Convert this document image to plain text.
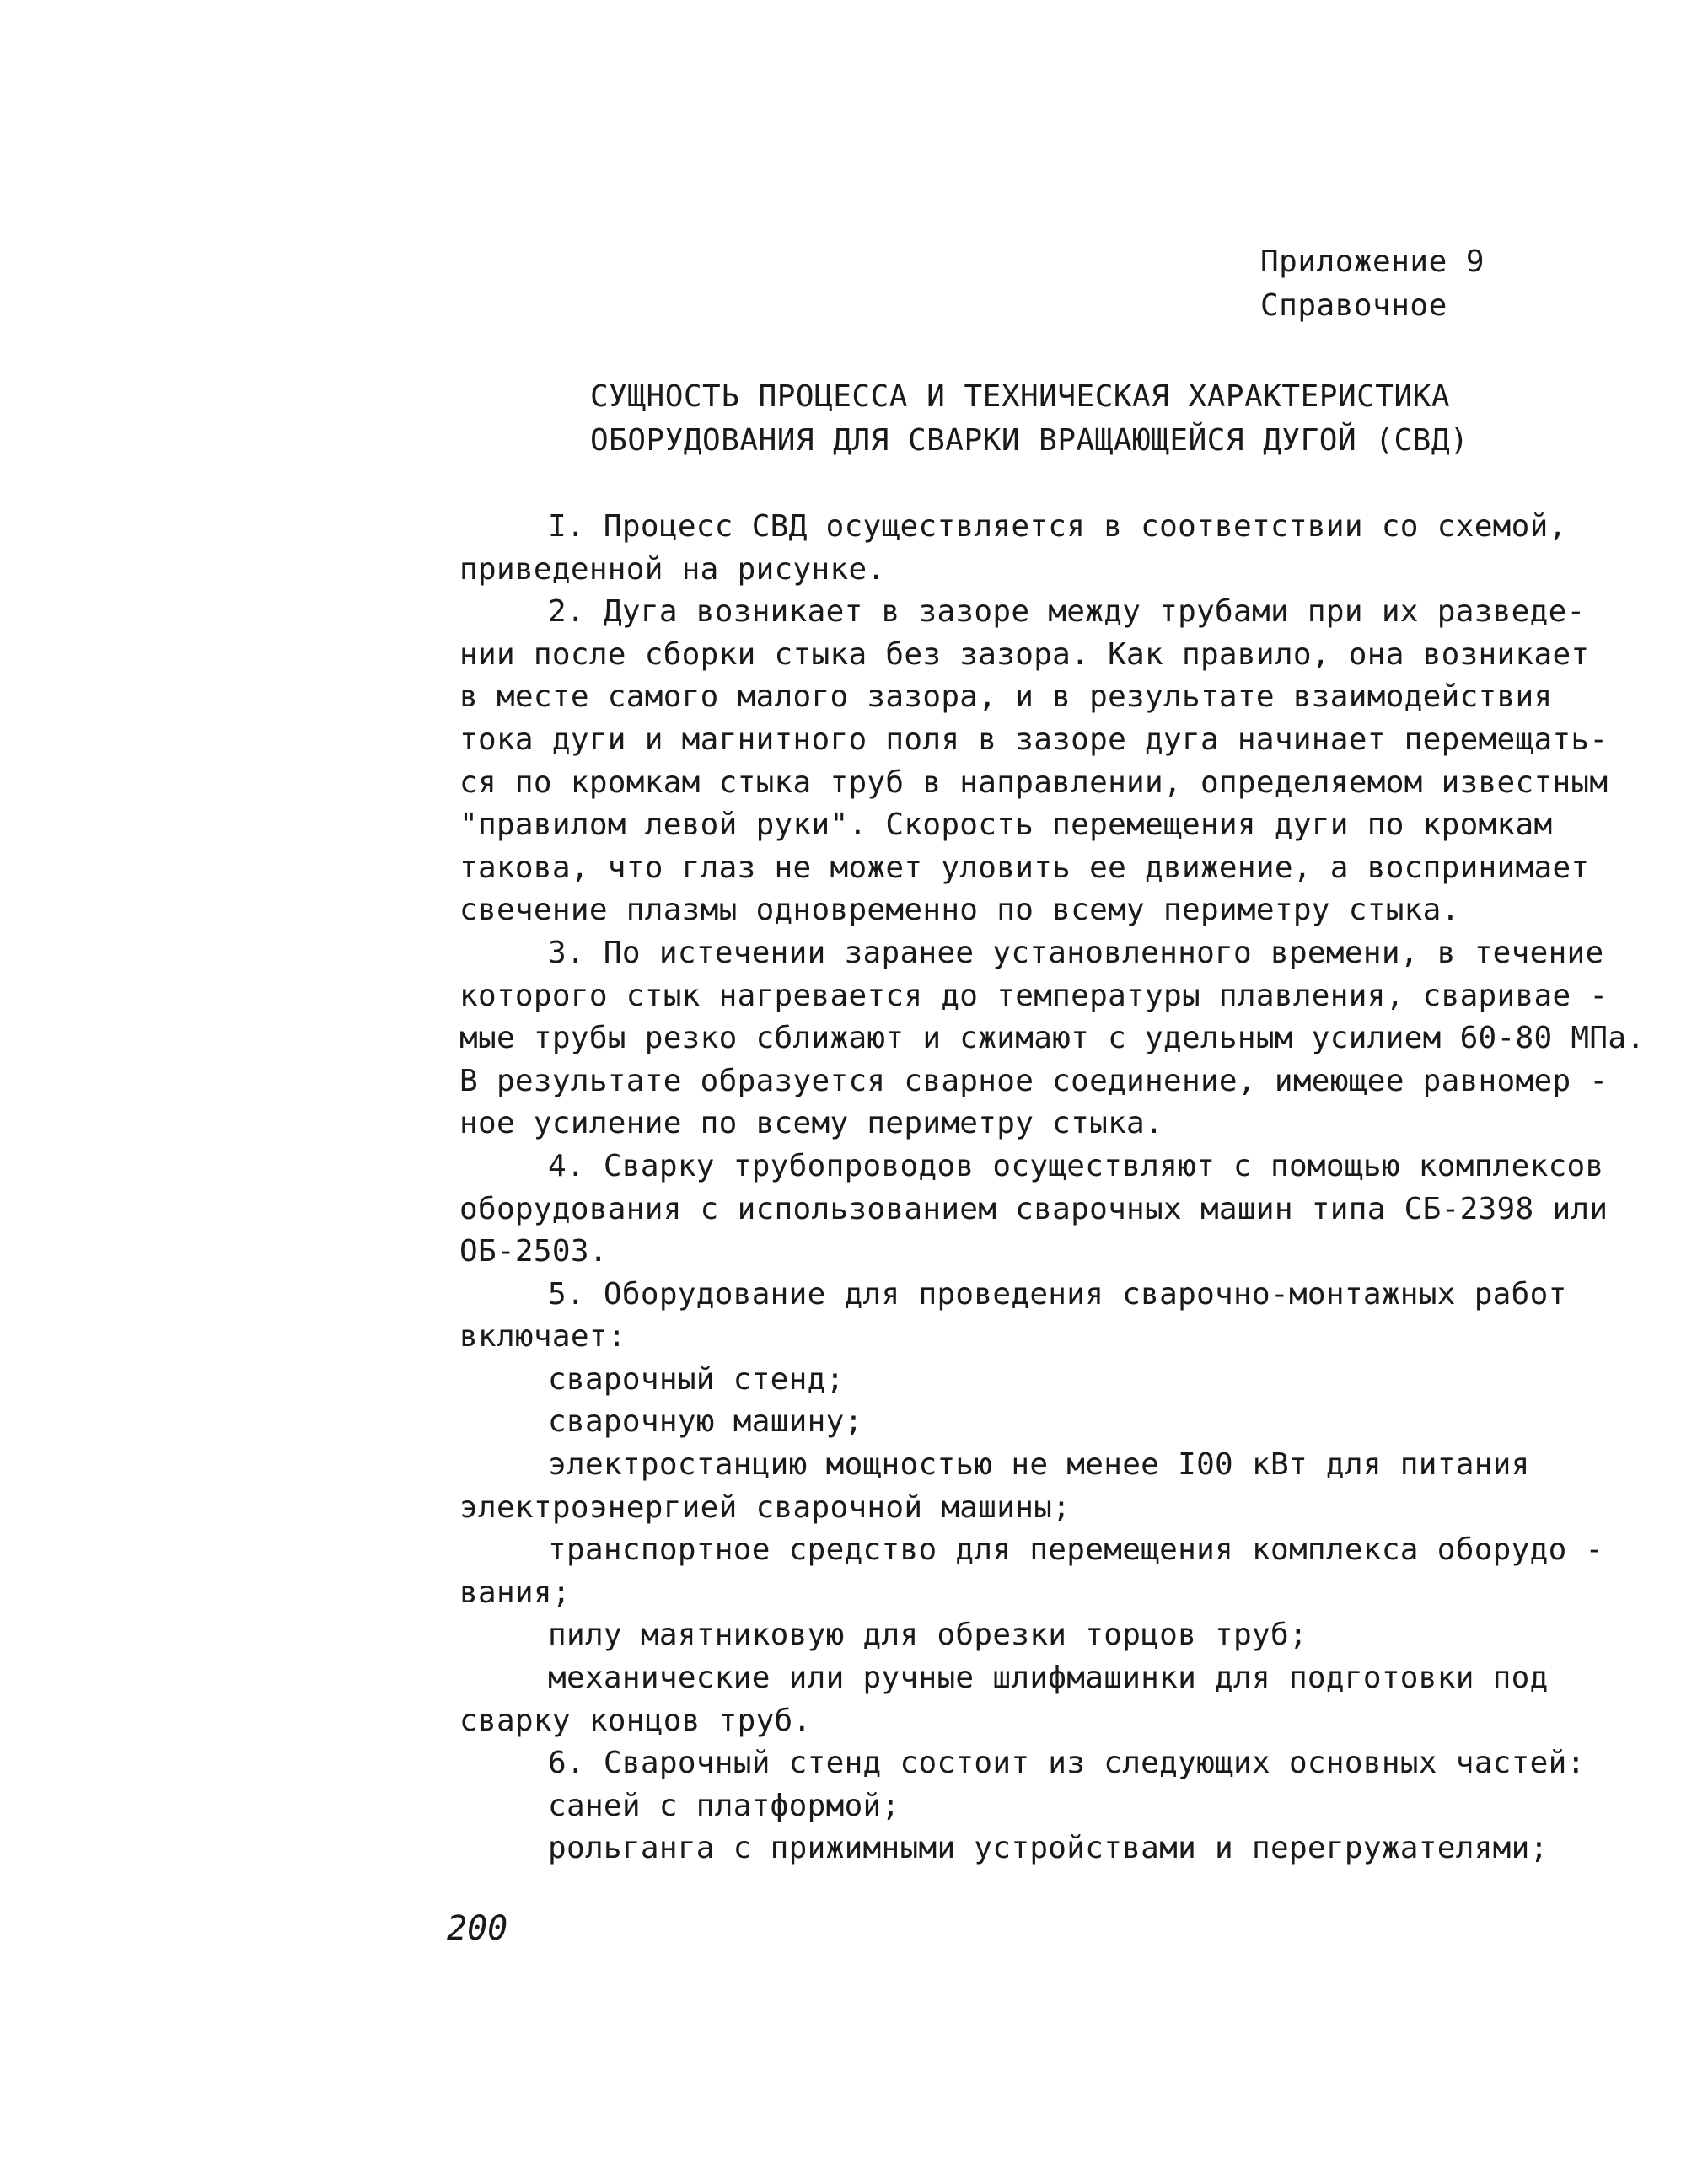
Приложение 9
Справочное
СУЩНОСТЬ ПРОЦЕССА И ТЕХНИЧЕСКАЯ ХАРАКТЕРИСТИКА
ОБОРУДОВАНИЯ ДЛЯ СВАРКИ ВРАЩАЮЩЕЙСЯ ДУГОЙ (СВД)
I. Процесс СВД осуществляется в соответствии со схемой,
приведенной на рисунке.
2. Дуга возникает в зазоре между трубами при их разведе-
нии после сборки стыка без зазора. Как правило, она возникает
в месте самого малого зазора, и в результате взаимодействия
тока дуги и магнитного поля в зазоре дуга начинает перемещать-
ся по кромкам стыка труб в направлении, определяемом известным
"правилом левой руки". Скорость перемещения дуги по кромкам
такова, что глаз не может уловить ее движение, а воспринимает
свечение плазмы одновременно по всему периметру стыка.
3. По истечении заранее установленного времени, в течение
которого стык нагревается до температуры плавления, сваривае -
мые трубы резко сближают и сжимают с удельным усилием 60-80 МПа.
В результате образуется сварное соединение, имеющее равномер -
ное усиление по всему периметру стыка.
4. Сварку трубопроводов осуществляют с помощью комплексов
оборудования с использованием сварочных машин типа СБ-2398 или
ОБ-2503.
5. Оборудование для проведения сварочно-монтажных работ
включает:
сварочный стенд;
сварочную машину;
электростанцию мощностью не менее I00 кВт для питания
электроэнергией сварочной машины;
транспортное средство для перемещения комплекса оборудо -
вания;
пилу маятниковую для обрезки торцов труб;
механические или ручные шлифмашинки для подготовки под
сварку концов труб.
6. Сварочный стенд состоит из следующих основных частей:
саней с платформой;
рольганга с прижимными устройствами и перегружателями;
200
